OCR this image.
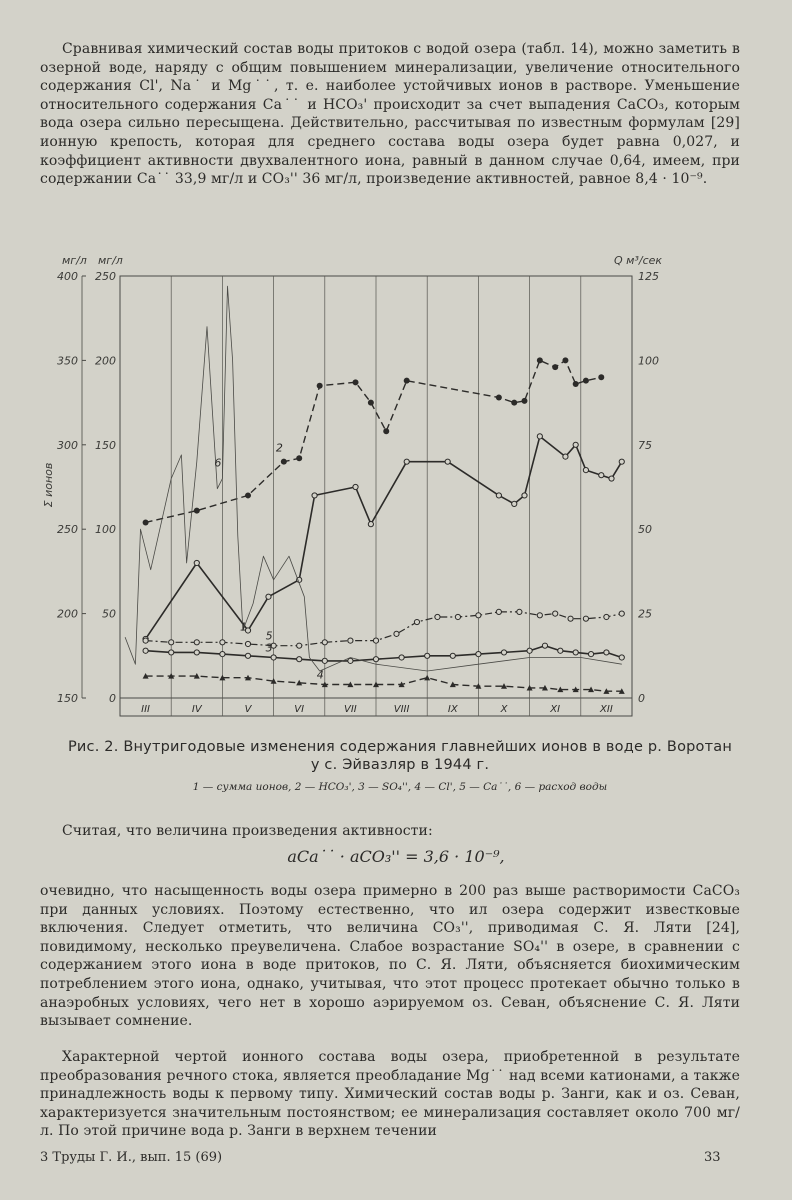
Сравнивая химический состав воды притоков с водой озера (табл. 14), можно заметить в озерной воде, наряду с общим повышением минерализации, увеличение относительного содержания Cl', Na˙ и Mg˙˙, т. е. наиболее устойчивых ионов в растворе. Уменьшение относительного содержания Ca˙˙ и HCO₃' происходит за счет выпадения CaCO₃, которым вода озера сильно пересыщена. Действительно, рассчитывая по известным формулам [29] ионную крепость, которая для среднего состава воды озера будет равна 0,027, и коэффициент активности двухвалентного иона, равный в данном случае 0,64, имеем, при содержании Ca˙˙ 33,9 мг/л и CO₃'' 36 мг/л, произведение активностей, равное 8,4 · 10⁻⁹.

III	IV	V	VI	VII	VIII	IX	X	XI	XII
150
200
250
300
350
400
0
50
100
150
200
250
0
25
50
75
100
125
мг/л мг/л	Q м³/сек
Σ ионов
1
2
3
4
5
6
Рис. 2. Внутригодовые изменения содержания главнейших ионов в воде р. Воротан
у с. Эйвазляр в 1944 г.
1 — сумма ионов, 2 — HCO₃', 3 — SO₄'', 4 — Cl', 5 — Ca˙˙, 6 — расход воды

Считая, что величина произведения активности:

aCa˙˙ · aCO₃'' = 3,6 · 10⁻⁹,

очевидно, что насыщенность воды озера примерно в 200 раз выше растворимости CaCO₃ при данных условиях. Поэтому естественно, что ил озера содержит известковые включения. Следует отметить, что величина CO₃'', приводимая С. Я. Ляти [24], повидимому, несколько преувеличена. Слабое возрастание SO₄'' в озере, в сравнении с содержанием этого иона в воде притоков, по С. Я. Ляти, объясняется биохимическим потреблением этого иона, однако, учитывая, что этот процесс протекает обычно только в анаэробных условиях, чего нет в хорошо аэрируемом оз. Севан, объяснение С. Я. Ляти вызывает сомнение.

Характерной чертой ионного состава воды озера, приобретенной в результате преобразования речного стока, является преобладание Mg˙˙ над всеми катионами, а также принадлежность воды к первому типу. Химический состав воды р. Занги, как и оз. Севан, характеризуется значительным постоянством; ее минерализация составляет около 700 мг/л. По этой причине вода р. Занги в верхнем течении

3 Труды Г. И., вып. 15 (69)	33
